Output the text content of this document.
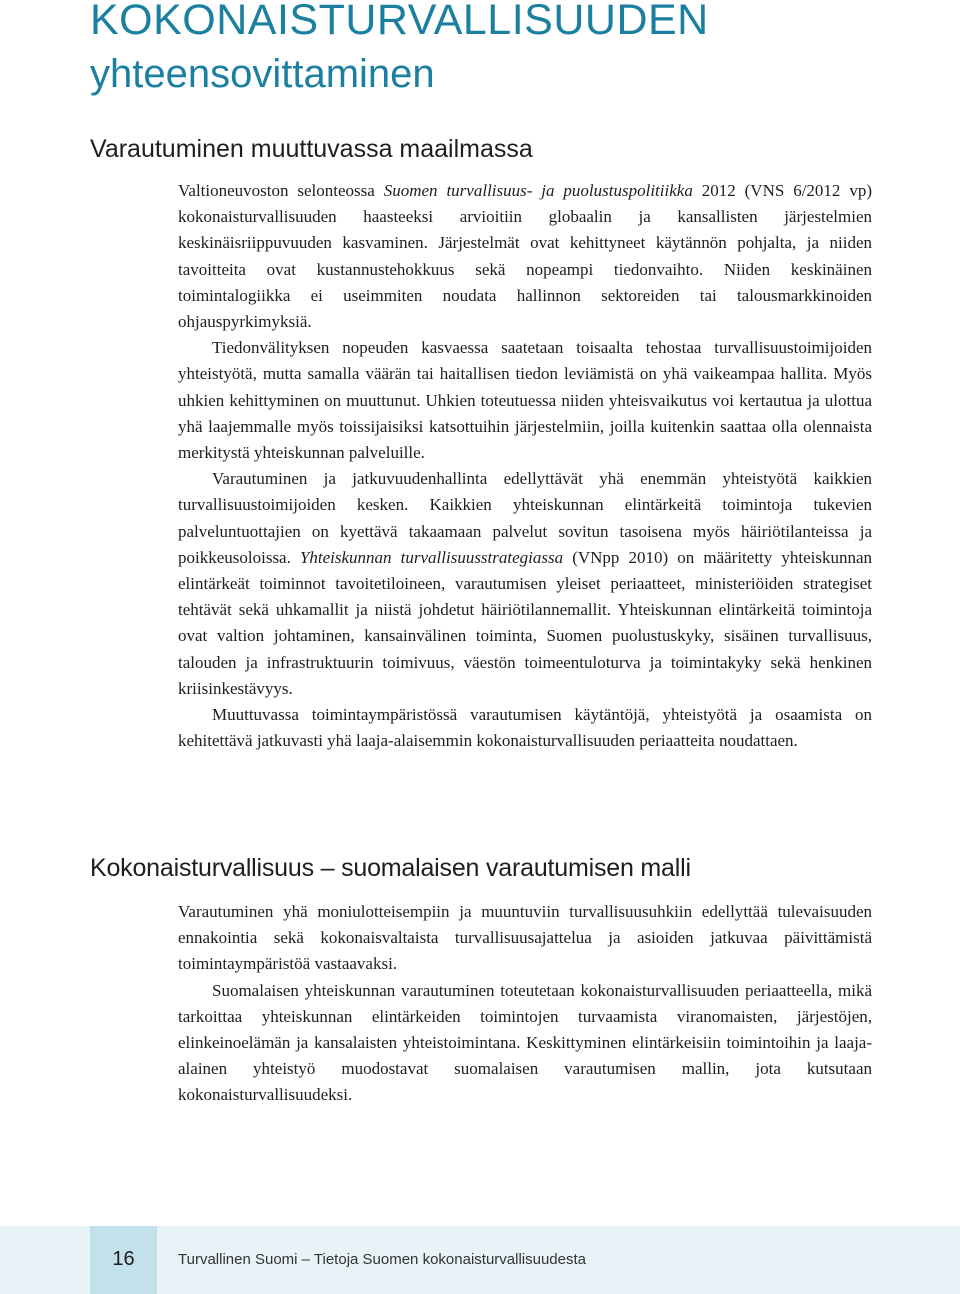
KOKONAISTURVALLISUUDEN
yhteensovittaminen
Varautuminen muuttuvassa maailmassa

Valtioneuvoston selonteossa Suomen turvallisuus- ja puolustuspolitiikka 2012 (VNS 6/2012 vp) kokonaisturvallisuuden haasteeksi arvioitiin globaalin ja kansallisten järjestelmien keskinäisriippuvuuden kasvaminen. Järjestelmät ovat kehittyneet käytännön pohjalta, ja niiden tavoitteita ovat kustannustehokkuus sekä nopeampi tiedonvaihto. Niiden keskinäinen toimintalogiikka ei useimmiten noudata hallinnon sektoreiden tai talousmarkkinoiden ohjauspyrkimyksiä.

Tiedonvälityksen nopeuden kasvaessa saatetaan toisaalta tehostaa turvallisuustoimijoiden yhteistyötä, mutta samalla väärän tai haitallisen tiedon leviämistä on yhä vaikeampaa hallita. Myös uhkien kehittyminen on muuttunut. Uhkien toteutuessa niiden yhteisvaikutus voi kertautua ja ulottua yhä laajemmalle myös toissijaisiksi katsottuihin järjestelmiin, joilla kuitenkin saattaa olla olennaista merkitystä yhteiskunnan palveluille.

Varautuminen ja jatkuvuudenhallinta edellyttävät yhä enemmän yhteistyötä kaikkien turvallisuustoimijoiden kesken. Kaikkien yhteiskunnan elintärkeitä toimintoja tukevien palveluntuottajien on kyettävä takaamaan palvelut sovitun tasoisena myös häiriötilanteissa ja poikkeusoloissa. Yhteiskunnan turvallisuusstrategiassa (VNpp 2010) on määritetty yhteiskunnan elintärkeät toiminnot tavoitetiloineen, varautumisen yleiset periaatteet, ministeriöiden strategiset tehtävät sekä uhkamallit ja niistä johdetut häiriötilannemallit. Yhteiskunnan elintärkeitä toimintoja ovat valtion johtaminen, kansainvälinen toiminta, Suomen puolustuskyky, sisäinen turvallisuus, talouden ja infrastruktuurin toimivuus, väestön toimeentuloturva ja toimintakyky sekä henkinen kriisinkestävyys.

Muuttuvassa toimintaympäristössä varautumisen käytäntöjä, yhteistyötä ja osaamista on kehitettävä jatkuvasti yhä laaja-alaisemmin kokonaisturvallisuuden periaatteita noudattaen.

Kokonaisturvallisuus – suomalaisen varautumisen malli

Varautuminen yhä moniulotteisempiin ja muuntuviin turvallisuusuhkiin edellyttää tulevaisuuden ennakointia sekä kokonaisvaltaista turvallisuusajattelua ja asioiden jatkuvaa päivittämistä toimintaympäristöä vastaavaksi.

Suomalaisen yhteiskunnan varautuminen toteutetaan kokonaisturvallisuuden periaatteella, mikä tarkoittaa yhteiskunnan elintärkeiden toimintojen turvaamista viranomaisten, järjestöjen, elinkeinoelämän ja kansalaisten yhteistoimintana. Keskittyminen elintärkeisiin toimintoihin ja laaja-alainen yhteistyö muodostavat suomalaisen varautumisen mallin, jota kutsutaan kokonaisturvallisuudeksi.

16	Turvallinen Suomi – Tietoja Suomen kokonaisturvallisuudesta
